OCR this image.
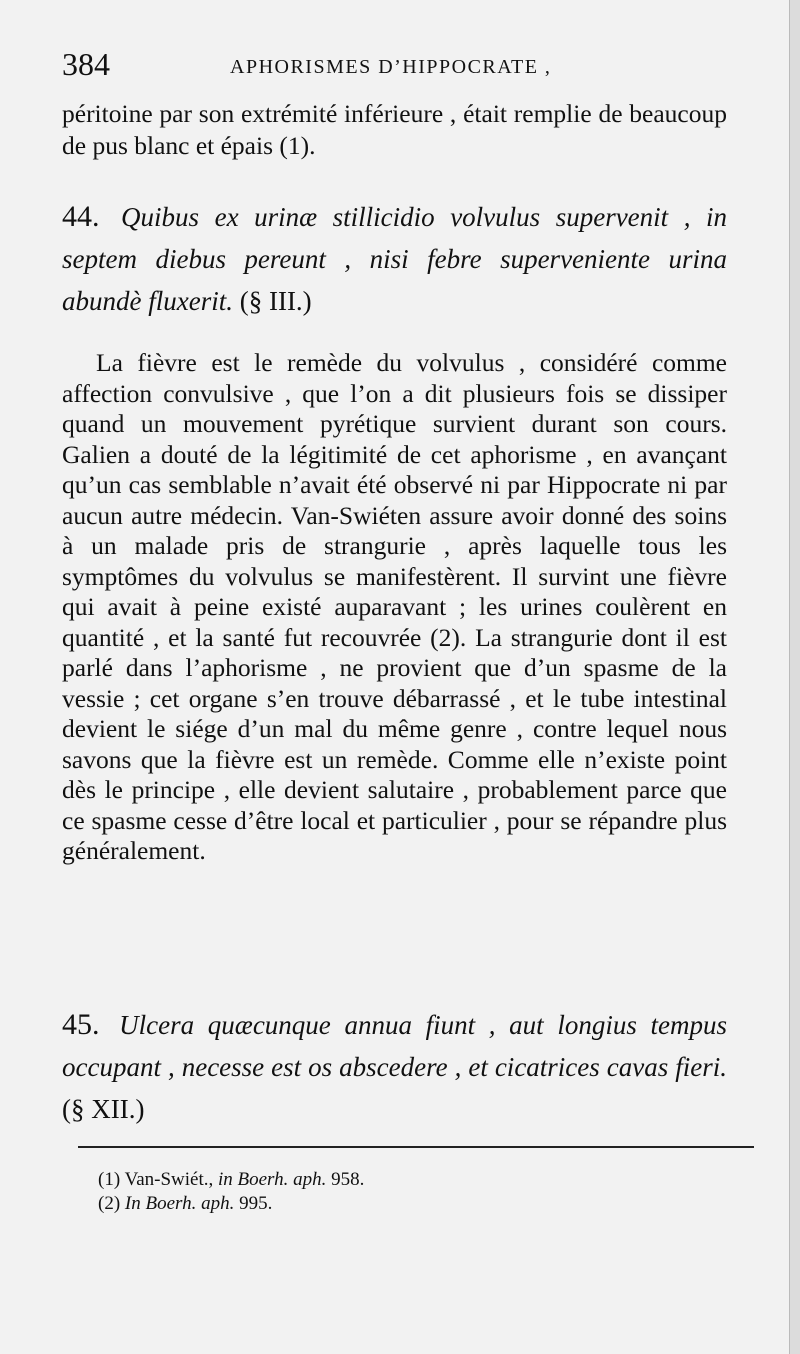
384	APHORISMES D’HIPPOCRATE ,

péritoine par son extrémité inférieure , était remplie de beaucoup de pus blanc et épais (1).

44. Quibus ex urinæ stillicidio volvulus supervenit , in septem diebus pereunt , nisi febre superveniente urina abundè fluxerit. (§ III.)

La fièvre est le remède du volvulus , considéré comme affection convulsive , que l’on a dit plusieurs fois se dissiper quand un mouvement pyrétique survient durant son cours. Galien a douté de la légitimité de cet aphorisme , en avançant qu’un cas semblable n’avait été observé ni par Hippocrate ni par aucun autre médecin. Van-Swiéten assure avoir donné des soins à un malade pris de strangurie , après laquelle tous les symptômes du volvulus se manifestèrent. Il survint une fièvre qui avait à peine existé auparavant ; les urines coulèrent en quantité , et la santé fut recouvrée (2). La strangurie dont il est parlé dans l’aphorisme , ne provient que d’un spasme de la vessie ; cet organe s’en trouve débarrassé , et le tube intestinal devient le siége d’un mal du même genre , contre lequel nous savons que la fièvre est un remède. Comme elle n’existe point dès le principe , elle devient salutaire , probablement parce que ce spasme cesse d’être local et particulier , pour se répandre plus généralement.

45. Ulcera quæcunque annua fiunt , aut longius tempus occupant , necesse est os abscedere , et cicatrices cavas fieri. (§ XII.)

(1) Van-Swiét., in Boerh. aph. 958.
(2) In Boerh. aph. 995.
